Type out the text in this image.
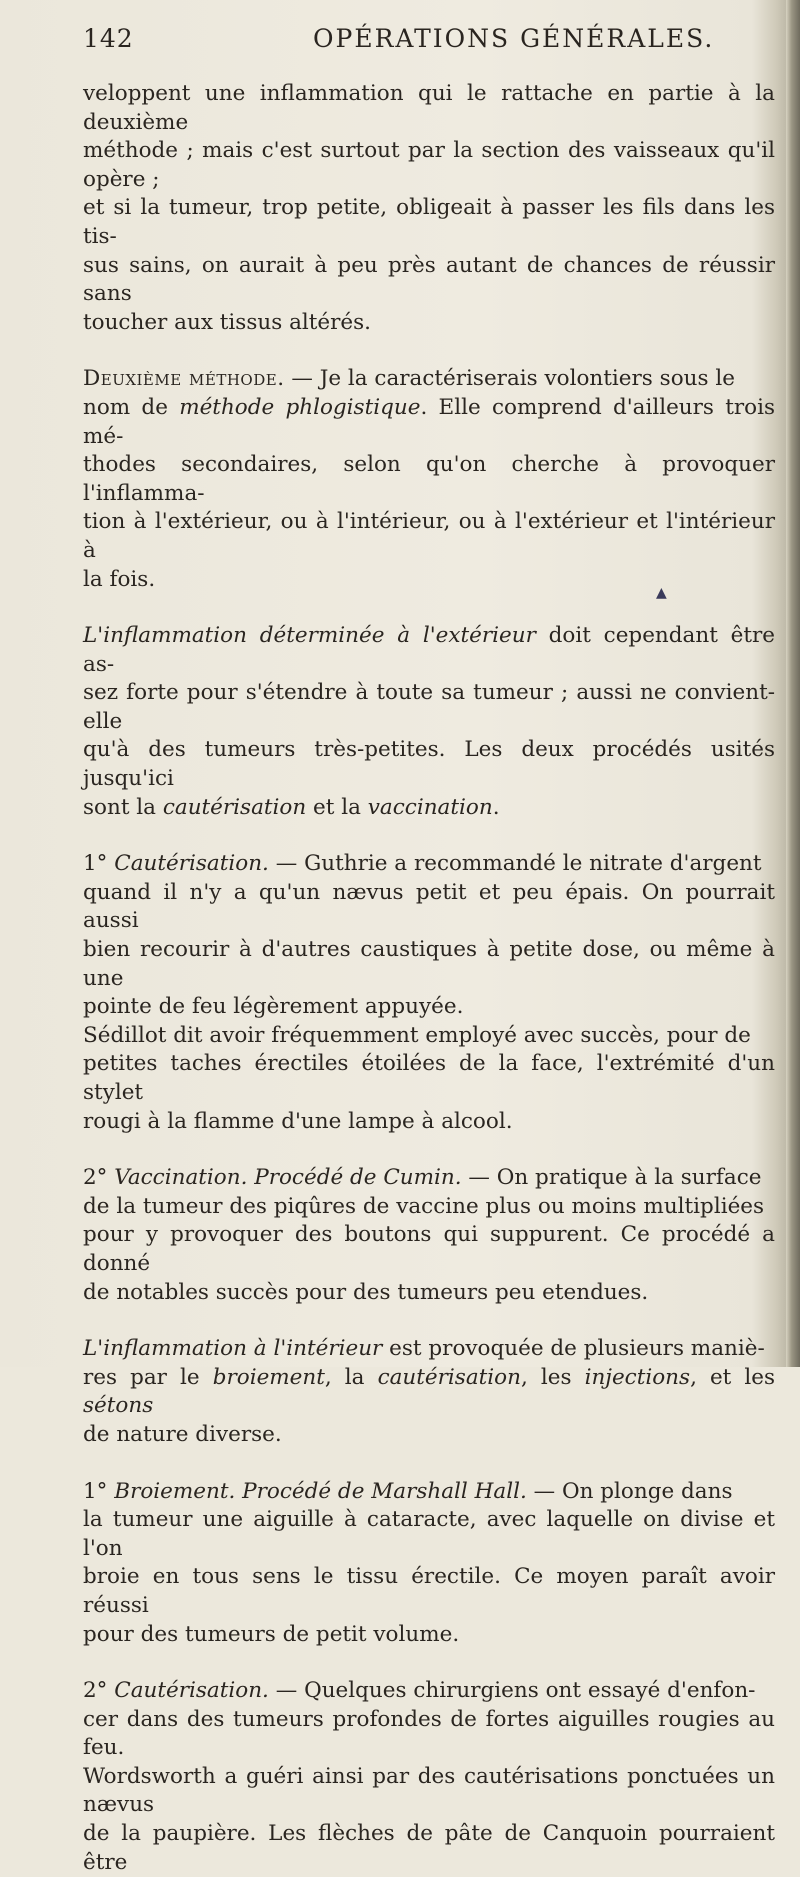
142	OPÉRATIONS GÉNÉRALES.

veloppent une inflammation qui le rattache en partie à la deuxième

méthode ; mais c'est surtout par la section des vaisseaux qu'il opère ;

et si la tumeur, trop petite, obligeait à passer les fils dans les tis-

sus sains, on aurait à peu près autant de chances de réussir sans

toucher aux tissus altérés.

Deuxième méthode. — Je la caractériserais volontiers sous le

nom de méthode phlogistique. Elle comprend d'ailleurs trois mé-

thodes secondaires, selon qu'on cherche à provoquer l'inflamma-

tion à l'extérieur, ou à l'intérieur, ou à l'extérieur et l'intérieur à

la fois.

L'inflammation déterminée à l'extérieur doit cependant être as-

sez forte pour s'étendre à toute sa tumeur ; aussi ne convient-elle

qu'à des tumeurs très-petites. Les deux procédés usités jusqu'ici

sont la cautérisation et la vaccination.

1° Cautérisation. — Guthrie a recommandé le nitrate d'argent

quand il n'y a qu'un nævus petit et peu épais. On pourrait aussi

bien recourir à d'autres caustiques à petite dose, ou même à une

pointe de feu légèrement appuyée.

Sédillot dit avoir fréquemment employé avec succès, pour de

petites taches érectiles étoilées de la face, l'extrémité d'un stylet

rougi à la flamme d'une lampe à alcool.

2° Vaccination. Procédé de Cumin. — On pratique à la surface

de la tumeur des piqûres de vaccine plus ou moins multipliées

pour y provoquer des boutons qui suppurent. Ce procédé a donné

de notables succès pour des tumeurs peu etendues.

L'inflammation à l'intérieur est provoquée de plusieurs maniè-

res par le broiement, la cautérisation, les injections, et les sétons

de nature diverse.

1° Broiement. Procédé de Marshall Hall. — On plonge dans

la tumeur une aiguille à cataracte, avec laquelle on divise et l'on

broie en tous sens le tissu érectile. Ce moyen paraît avoir réussi

pour des tumeurs de petit volume.

2° Cautérisation. — Quelques chirurgiens ont essayé d'enfon-

cer dans des tumeurs profondes de fortes aiguilles rougies au feu.

Wordsworth a guéri ainsi par des cautérisations ponctuées un nævus

de la paupière. Les flèches de pâte de Canquoin pourraient être

▲
